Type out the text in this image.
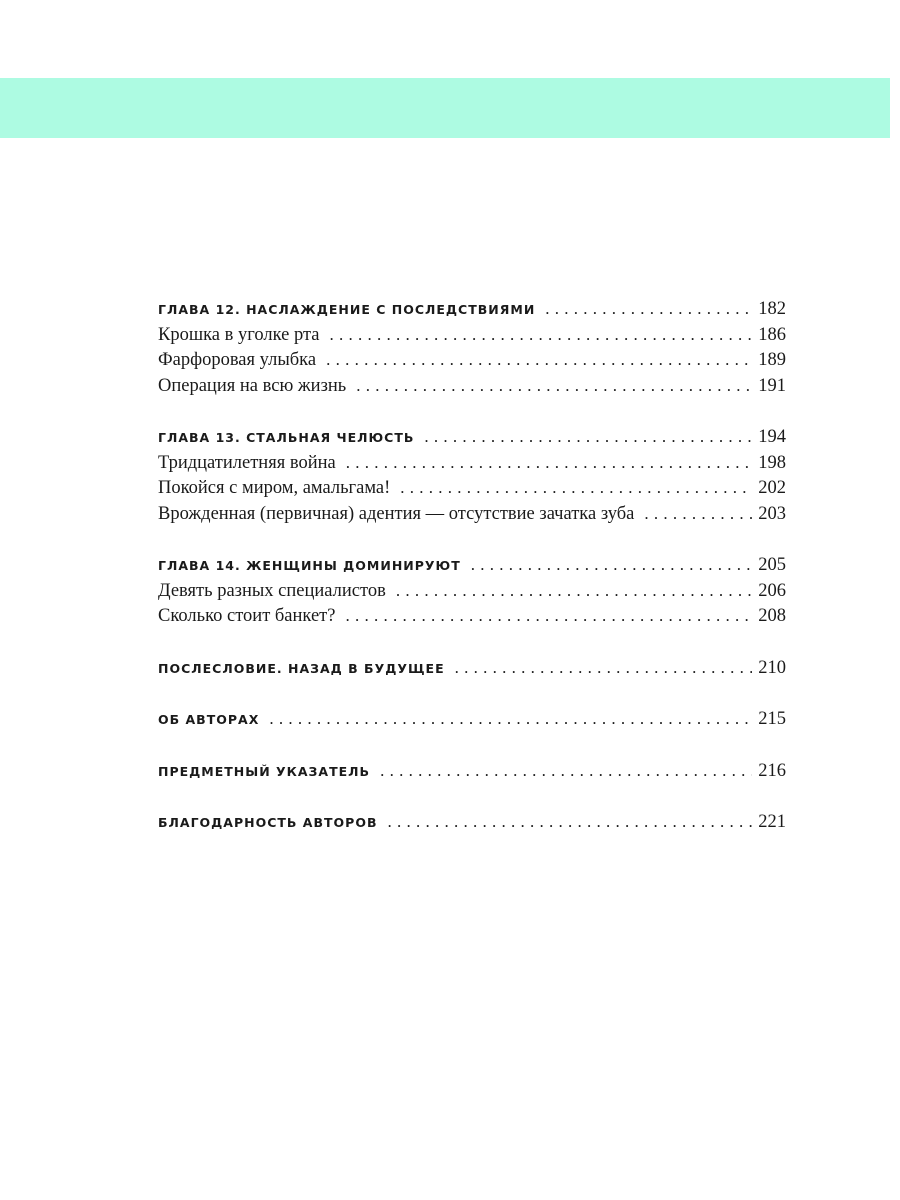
ГЛАВА 12. НАСЛАЖДЕНИЕ С ПОСЛЕДСТВИЯМИ . . .	182
Крошка в уголке рта . . .	186
Фарфоровая улыбка . . .	189
Операция на всю жизнь . . .	191
ГЛАВА 13. СТАЛЬНАЯ ЧЕЛЮСТЬ . . .	194
Тридцатилетняя война . . .	198
Покойся с миром, амальгама! . . .	202
Врожденная (первичная) адентия — отсутствие зачатка зуба . . .	203
ГЛАВА 14. ЖЕНЩИНЫ ДОМИНИРУЮТ . . .	205
Девять разных специалистов . . .	206
Сколько стоит банкет? . . .	208
ПОСЛЕСЛОВИЕ. НАЗАД В БУДУЩЕЕ . . .	210
ОБ АВТОРАХ . . .	215
ПРЕДМЕТНЫЙ УКАЗАТЕЛЬ . . .	216
БЛАГОДАРНОСТЬ АВТОРОВ . . .	221
